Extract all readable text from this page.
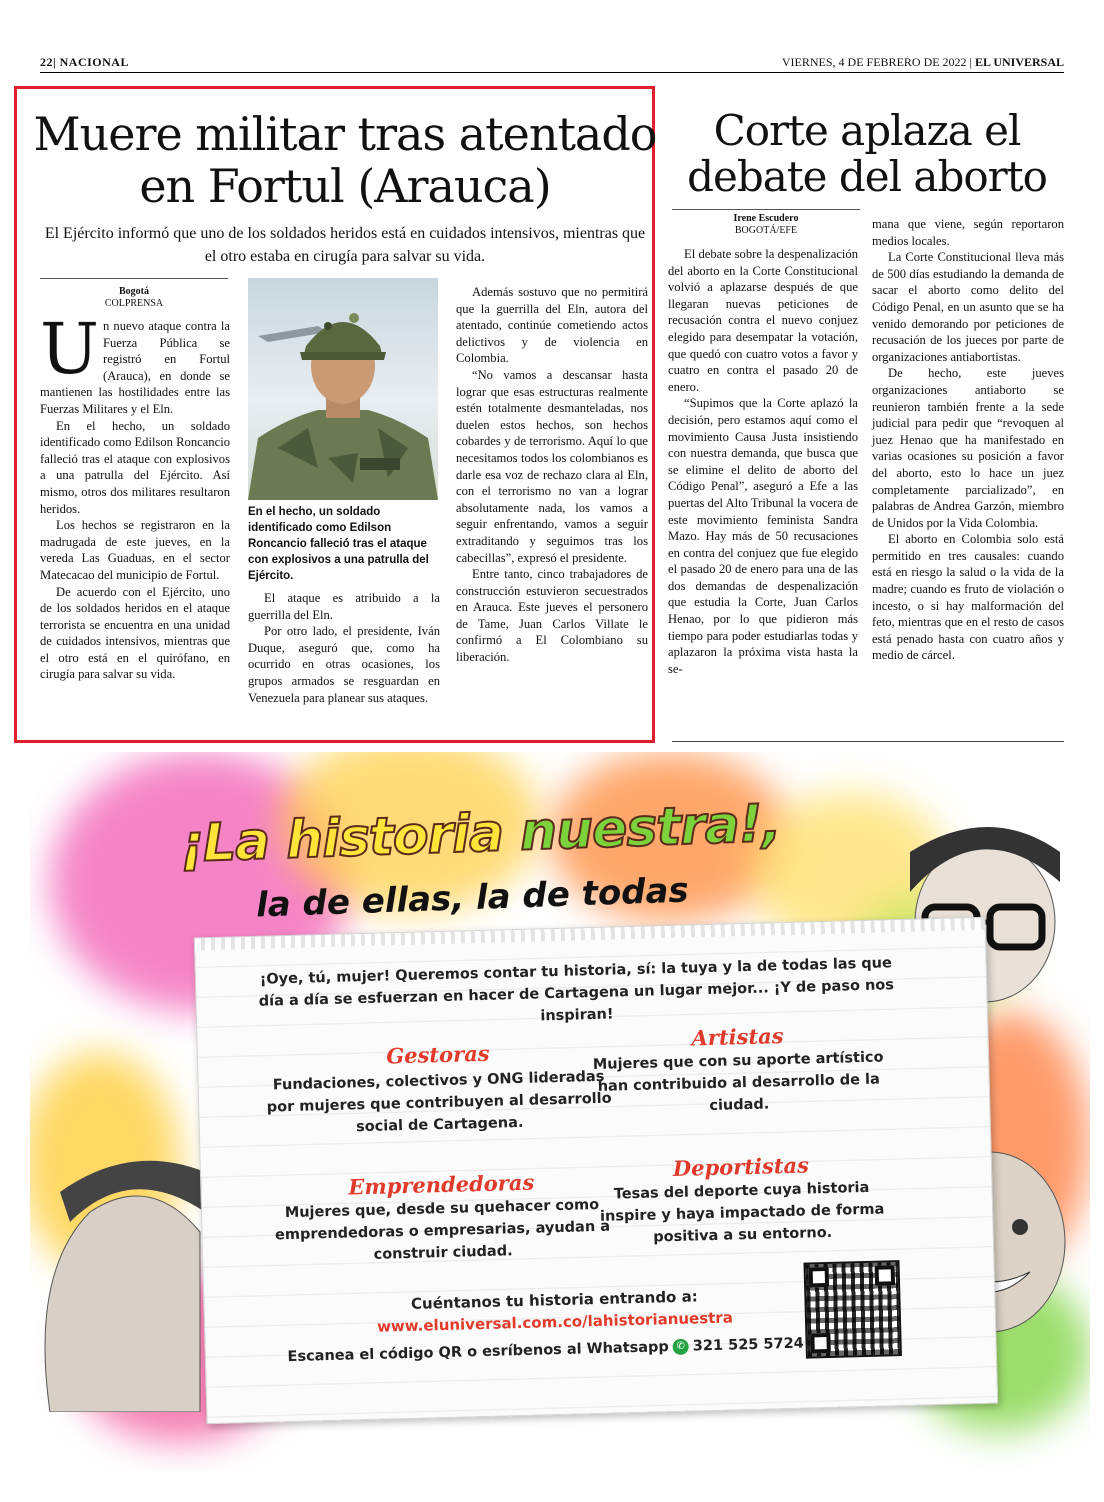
22| NACIONAL	VIERNES, 4 DE FEBRERO DE 2022 | EL UNIVERSAL
Muere militar tras atentado en Fortul (Arauca)
El Ejército informó que uno de los soldados heridos está en cuidados intensivos, mientras que el otro estaba en cirugía para salvar su vida.
Bogotá
COLPRENSA

Un nuevo ataque contra la Fuerza Pública se registró en Fortul (Arauca), en donde se mantienen las hostilidades entre las Fuerzas Militares y el Eln.

En el hecho, un soldado identificado como Edilson Roncancio falleció tras el ataque con explosivos a una patrulla del Ejército. Así mismo, otros dos militares resultaron heridos.

Los hechos se registraron en la madrugada de este jueves, en la vereda Las Guaduas, en el sector Matecacao del municipio de Fortul.

De acuerdo con el Ejército, uno de los soldados heridos en el ataque terrorista se encuentra en una unidad de cuidados intensivos, mientras que el otro está en el quirófano, en cirugía para salvar su vida.

En el hecho, un soldado identificado como Edilson Roncancio falleció tras el ataque con explosivos a una patrulla del Ejército.

El ataque es atribuido a la guerrilla del Eln.

Por otro lado, el presidente, Iván Duque, aseguró que, como ha ocurrido en otras ocasiones, los grupos armados se resguardan en Venezuela para planear sus ataques.

Además sostuvo que no permitirá que la guerrilla del Eln, autora del atentado, continúe cometiendo actos delictivos y de violencia en Colombia.

“No vamos a descansar hasta lograr que esas estructuras realmente estén totalmente desmanteladas, nos duelen estos hechos, son hechos cobardes y de terrorismo. Aquí lo que necesitamos todos los colombianos es darle esa voz de rechazo clara al Eln, con el terrorismo no van a lograr absolutamente nada, los vamos a seguir enfrentando, vamos a seguir extraditando y seguimos tras los cabecillas”, expresó el presidente.

Entre tanto, cinco trabajadores de construcción estuvieron secuestrados en Arauca. Este jueves el personero de Tame, Juan Carlos Villate le confirmó a El Colombiano su liberación.

Corte aplaza el debate del aborto
Irene Escudero
BOGOTÁ/EFE

El debate sobre la despenalización del aborto en la Corte Constitucional volvió a aplazarse después de que llegaran nuevas peticiones de recusación contra el nuevo conjuez elegido para desempatar la votación, que quedó con cuatro votos a favor y cuatro en contra el pasado 20 de enero.

“Supimos que la Corte aplazó la decisión, pero estamos aquí como el movimiento Causa Justa insistiendo con nuestra demanda, que busca que se elimine el delito de aborto del Código Penal”, aseguró a Efe a las puertas del Alto Tribunal la vocera de este movimiento feminista Sandra Mazo. Hay más de 50 recusaciones en contra del conjuez que fue elegido el pasado 20 de enero para una de las dos demandas de despenalización que estudia la Corte, Juan Carlos Henao, por lo que pidieron más tiempo para poder estudiarlas todas y aplazaron la próxima vista hasta la se-

mana que viene, según reportaron medios locales.

La Corte Constitucional lleva más de 500 días estudiando la demanda de sacar el aborto como delito del Código Penal, en un asunto que se ha venido demorando por peticiones de recusación de los jueces por parte de organizaciones antiabortistas.

De hecho, este jueves organizaciones antiaborto se reunieron también frente a la sede judicial para pedir que “revoquen al juez Henao que ha manifestado en varias ocasiones su posición a favor del aborto, esto lo hace un juez completamente parcializado”, en palabras de Andrea Garzón, miembro de Unidos por la Vida Colombia.

El aborto en Colombia solo está permitido en tres causales: cuando está en riesgo la salud o la vida de la madre; cuando es fruto de violación o incesto, o si hay malformación del feto, mientras que en el resto de casos está penado hasta con cuatro años y medio de cárcel.

¡La historia nuestra!,
la de ellas, la de todas
¡Oye, tú, mujer! Queremos contar tu historia, sí: la tuya y la de todas las que día a día se esfuerzan en hacer de Cartagena un lugar mejor... ¡Y de paso nos inspiran!
Gestoras
Fundaciones, colectivos y ONG lideradas por mujeres que contribuyen al desarrollo social de Cartagena.
Artistas
Mujeres que con su aporte artístico han contribuido al desarrollo de la ciudad.
Emprendedoras
Mujeres que, desde su quehacer como emprendedoras o empresarias, ayudan a construir ciudad.
Deportistas
Tesas del deporte cuya historia inspire y haya impactado de forma positiva a su entorno.
Cuéntanos tu historia entrando a:
www.eluniversal.com.co/lahistorianuestra
Escanea el código QR o esríbenos al Whatsapp ✆ 321 525 5724
